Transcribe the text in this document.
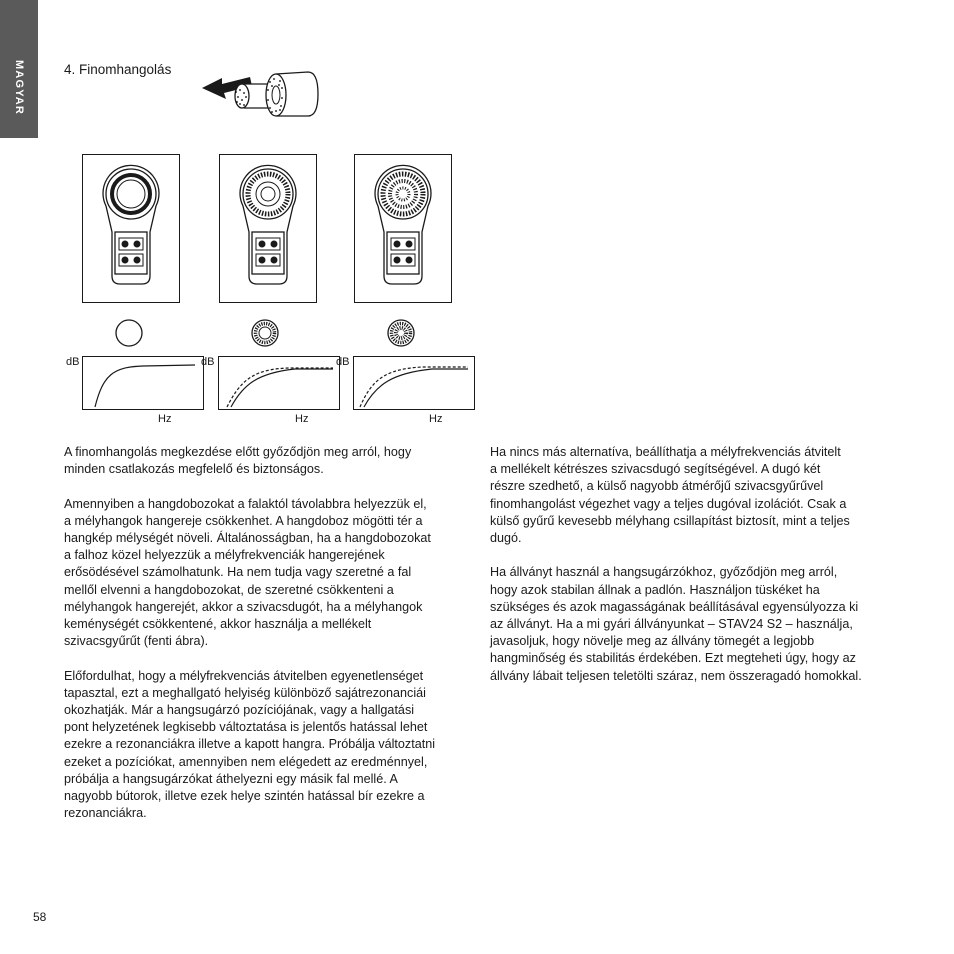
MAGYAR	4. Finomhangolás
dB
Hz
dB
Hz
dB
Hz

A finomhangolás megkezdése előtt győződjön meg arról, hogy
minden csatlakozás megfelelő és biztonságos.

Amennyiben a hangdobozokat a falaktól távolabbra helyezzük el,
a mélyhangok hangereje csökkenhet. A hangdoboz mögötti tér a
hangkép mélységét növeli. Általánosságban, ha a hangdobozokat
a falhoz közel helyezzük a mélyfrekvenciák hangerejének
erősödésével számolhatunk. Ha nem tudja vagy szeretné a fal
mellől elvenni a hangdobozokat, de szeretné csökkenteni a
mélyhangok hangerejét, akkor a szivacsdugót, ha a mélyhangok
keménységét csökkentené, akkor használja a mellékelt
szivacsgyűrűt (fenti ábra).

Előfordulhat, hogy a mélyfrekvenciás átvitelben egyenetlenséget
tapasztal, ezt a meghallgató helyiség különböző sajátrezonanciái
okozhatják. Már a hangsugárzó pozíciójának, vagy a hallgatási
pont helyzetének legkisebb változtatása is jelentős hatással lehet
ezekre a rezonanciákra illetve a kapott hangra. Próbálja változtatni
ezeket a pozíciókat, amennyiben nem elégedett az eredménnyel,
próbálja a hangsugárzókat áthelyezni egy másik fal mellé. A
nagyobb bútorok, illetve ezek helye szintén hatással bír ezekre a
rezonanciákra.

Ha nincs más alternatíva, beállíthatja a mélyfrekvenciás átvitelt
a mellékelt kétrészes szivacsdugó segítségével. A dugó két
részre szedhető, a külső nagyobb átmérőjű szivacsgyűrűvel
finomhangolást végezhet vagy a teljes dugóval izolációt. Csak a
külső gyűrű kevesebb mélyhang csillapítást biztosít, mint a teljes
dugó.

Ha állványt használ a hangsugárzókhoz, győződjön meg arról,
hogy azok stabilan állnak a padlón. Használjon tüskéket ha
szükséges és azok magasságának beállításával egyensúlyozza ki
az állványt. Ha a mi gyári állványunkat – STAV24 S2 – használja,
javasoljuk, hogy növelje meg az állvány tömegét a legjobb
hangminőség és stabilitás érdekében. Ezt megteheti úgy, hogy az
állvány lábait teljesen teletölti száraz, nem összeragadó homokkal.

58
